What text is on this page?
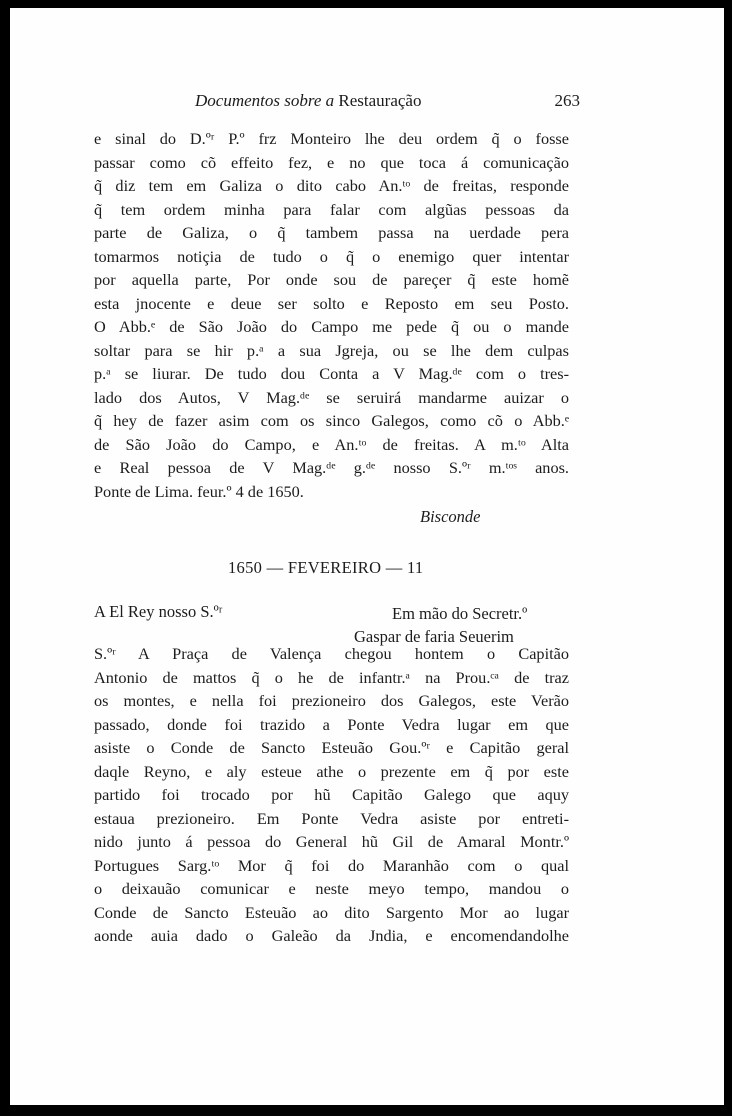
Documentos sobre a Restauração	263
e sinal do D.ºʳ P.º frz Monteiro lhe deu ordem q̃ o fosse
passar como cõ effeito fez, e no que toca á comunicação
q̃ diz tem em Galiza o dito cabo An.ᵗᵒ de freitas, responde
q̃ tem ordem minha para falar com algũas pessoas da
parte de Galiza, o q̃ tambem passa na uerdade pera
tomarmos notiçia de tudo o q̃ o enemigo quer intentar
por aquella parte, Por onde sou de pareçer q̃ este homẽ
esta jnocente e deue ser solto e Reposto em seu Posto.
O Abb.ᵉ de São João do Campo me pede q̃ ou o mande
soltar para se hir p.ᵃ a sua Jgreja, ou se lhe dem culpas
p.ᵃ se liurar. De tudo dou Conta a V Mag.ᵈᵉ com o tres-
lado dos Autos, V Mag.ᵈᵉ se seruirá mandarme auizar o
q̃ hey de fazer asim com os sinco Galegos, como cõ o Abb.ᵉ
de São João do Campo, e An.ᵗᵒ de freitas. A m.ᵗᵒ Alta
e Real pessoa de V Mag.ᵈᵉ g.ᵈᵉ nosso S.ºʳ m.ᵗᵒˢ anos.
Ponte de Lima. feur.º 4 de 1650.
Bisconde
1650 — FEVEREIRO — 11
A El Rey nosso S.ºʳ	Em mão do Secretr.º
Gaspar de faria Seuerim
S.ºʳ A Praça de Valença chegou hontem o Capitão
Antonio de mattos q̃ o he de infantr.ᵃ na Prou.ᶜᵃ de traz
os montes, e nella foi prezioneiro dos Galegos, este Verão
passado, donde foi trazido a Ponte Vedra lugar em que
asiste o Conde de Sancto Esteuão Gou.ºʳ e Capitão geral
daqle Reyno, e aly esteue athe o prezente em q̃ por este
partido foi trocado por hũ Capitão Galego que aquy
estaua prezioneiro. Em Ponte Vedra asiste por entreti-
nido junto á pessoa do General hũ Gil de Amaral Montr.º
Portugues Sarg.ᵗᵒ Mor q̃ foi do Maranhão com o qual
o deixauão comunicar e neste meyo tempo, mandou o
Conde de Sancto Esteuão ao dito Sargento Mor ao lugar
aonde auia dado o Galeão da Jndia, e encomendandolhe
